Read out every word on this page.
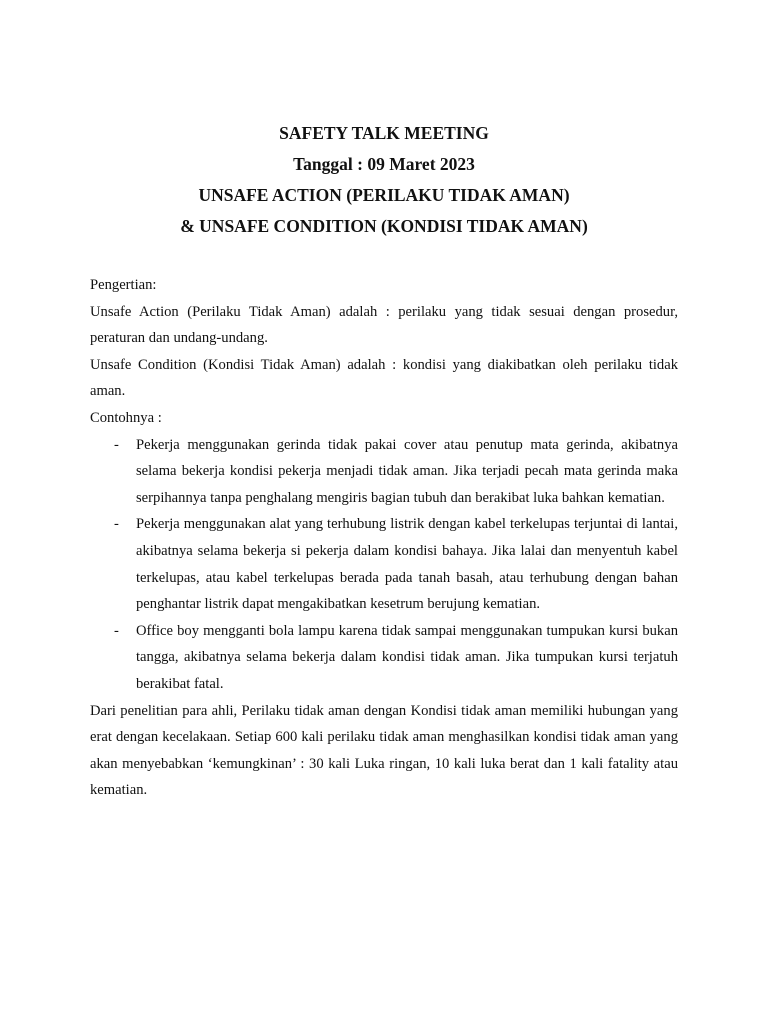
SAFETY TALK MEETING
Tanggal : 09 Maret 2023
UNSAFE ACTION (PERILAKU TIDAK AMAN)
& UNSAFE CONDITION (KONDISI TIDAK AMAN)

Pengertian:

Unsafe Action (Perilaku Tidak Aman) adalah : perilaku yang tidak sesuai dengan prosedur, peraturan dan undang-undang.

Unsafe Condition (Kondisi Tidak Aman) adalah : kondisi yang diakibatkan oleh perilaku tidak aman.

Contohnya :

- Pekerja menggunakan gerinda tidak pakai cover atau penutup mata gerinda, akibatnya selama bekerja kondisi pekerja menjadi tidak aman. Jika terjadi pecah mata gerinda maka serpihannya tanpa penghalang mengiris bagian tubuh dan berakibat luka bahkan kematian.
- Pekerja menggunakan alat yang terhubung listrik dengan kabel terkelupas terjuntai di lantai, akibatnya selama bekerja si pekerja dalam kondisi bahaya. Jika lalai dan menyentuh kabel terkelupas, atau kabel terkelupas berada pada tanah basah, atau terhubung dengan bahan penghantar listrik dapat mengakibatkan kesetrum berujung kematian.
- Office boy mengganti bola lampu karena tidak sampai menggunakan tumpukan kursi bukan tangga, akibatnya selama bekerja dalam kondisi tidak aman. Jika tumpukan kursi terjatuh berakibat fatal.

Dari penelitian para ahli, Perilaku tidak aman dengan Kondisi tidak aman memiliki hubungan yang erat dengan kecelakaan. Setiap 600 kali perilaku tidak aman menghasilkan kondisi tidak aman yang akan menyebabkan ‘kemungkinan’ : 30 kali Luka ringan, 10 kali luka berat dan 1 kali fatality atau kematian.
